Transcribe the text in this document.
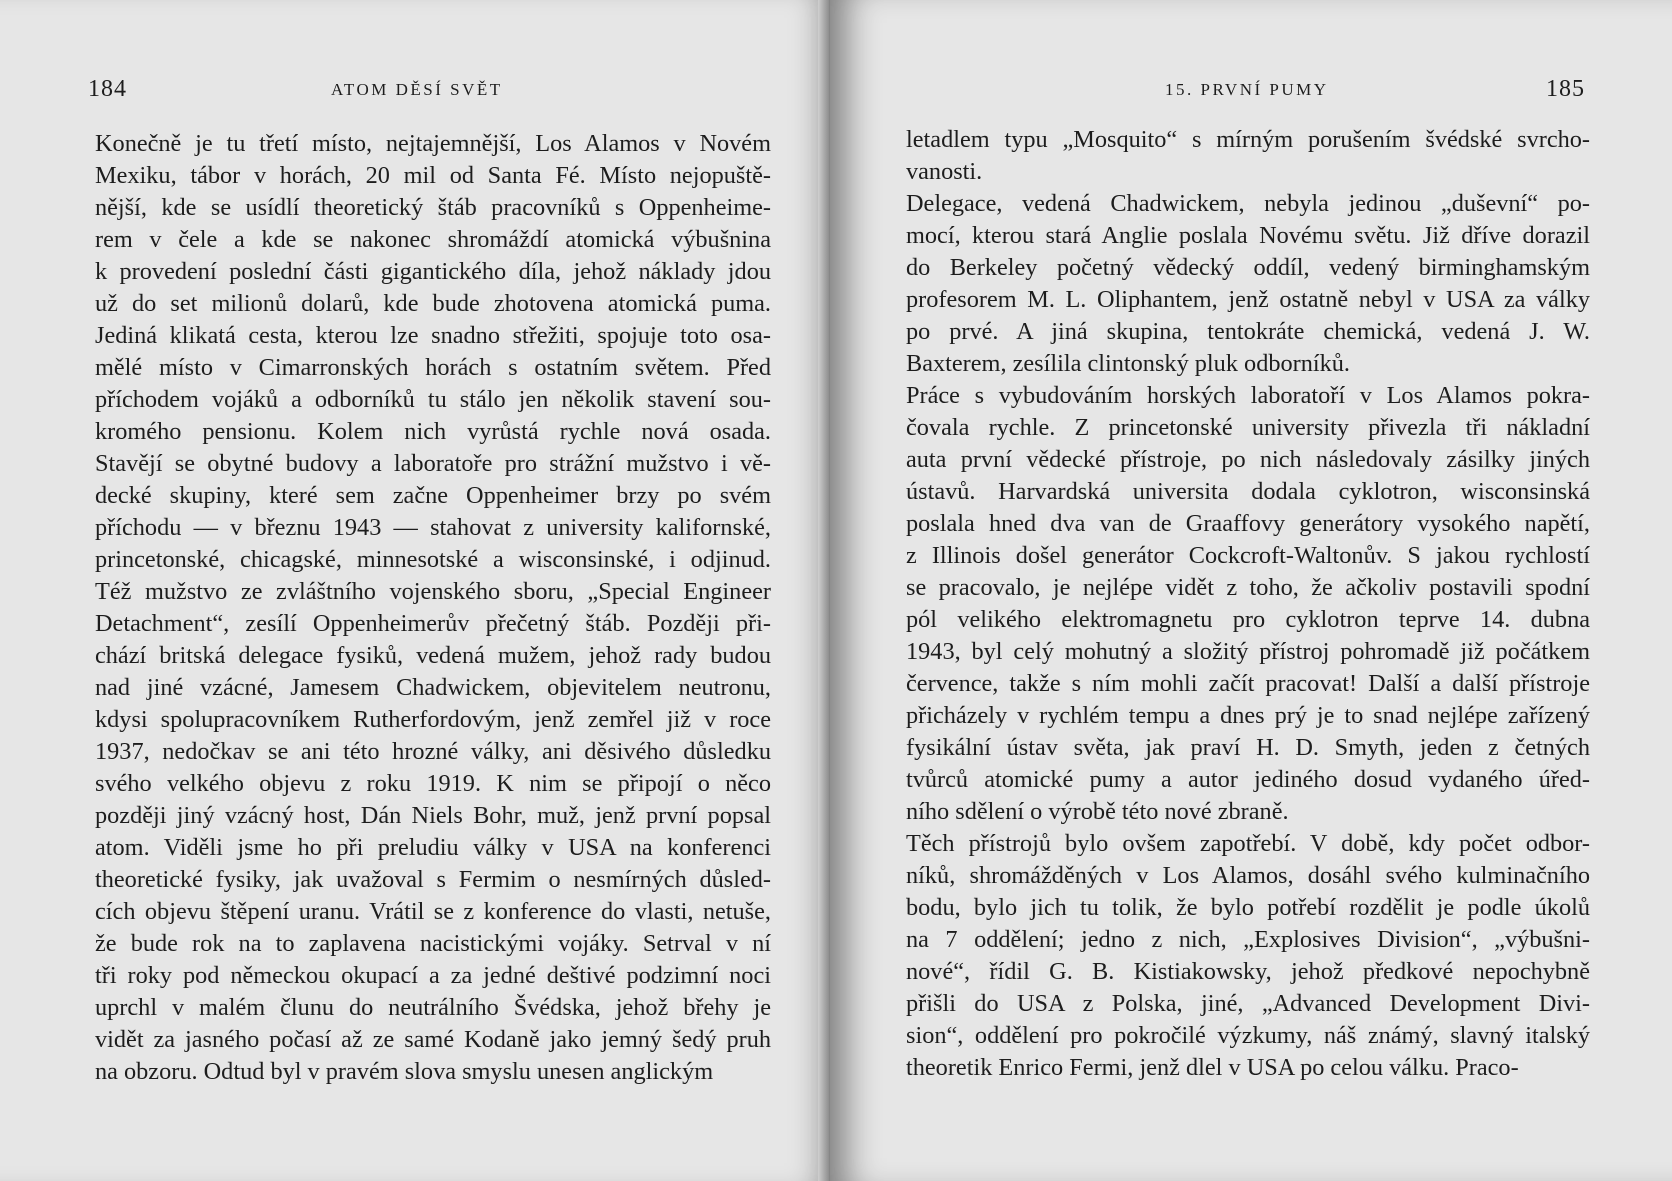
184	ATOM DĚSÍ SVĚT
Konečně je tu třetí místo, nejtajemnější, Los Alamos v Novém
Mexiku, tábor v horách, 20 mil od Santa Fé. Místo nejopuště-
nější, kde se usídlí theoretický štáb pracovníků s Oppenheime-
rem v čele a kde se nakonec shromáždí atomická výbušnina
k provedení poslední části gigantického díla, jehož náklady jdou
už do set milionů dolarů, kde bude zhotovena atomická puma.
Jediná klikatá cesta, kterou lze snadno střežiti, spojuje toto osa-
mělé místo v Cimarronských horách s ostatním světem. Před
příchodem vojáků a odborníků tu stálo jen několik stavení sou-
kromého pensionu. Kolem nich vyrůstá rychle nová osada.
Stavějí se obytné budovy a laboratoře pro strážní mužstvo i vě-
decké skupiny, které sem začne Oppenheimer brzy po svém
příchodu — v březnu 1943 — stahovat z university kalifornské,
princetonské, chicagské, minnesotské a wisconsinské, i odjinud.
Též mužstvo ze zvláštního vojenského sboru, „Special Engineer
Detachment“, zesílí Oppenheimerův přečetný štáb. Později při-
chází britská delegace fysiků, vedená mužem, jehož rady budou
nad jiné vzácné, Jamesem Chadwickem, objevitelem neutronu,
kdysi spolupracovníkem Rutherfordovým, jenž zemřel již v roce
1937, nedočkav se ani této hrozné války, ani děsivého důsledku
svého velkého objevu z roku 1919. K nim se připojí o něco
později jiný vzácný host, Dán Niels Bohr, muž, jenž první popsal
atom. Viděli jsme ho při preludiu války v USA na konferenci
theoretické fysiky, jak uvažoval s Fermim o nesmírných důsled-
cích objevu štěpení uranu. Vrátil se z konference do vlasti, netuše,
že bude rok na to zaplavena nacistickými vojáky. Setrval v ní
tři roky pod německou okupací a za jedné deštivé podzimní noci
uprchl v malém člunu do neutrálního Švédska, jehož břehy je
vidět za jasného počasí až ze samé Kodaně jako jemný šedý pruh
na obzoru. Odtud byl v pravém slova smyslu unesen anglickým
185
15. PRVNÍ PUMY
letadlem typu „Mosquito“ s mírným porušením švédské svrcho-
vanosti.
Delegace, vedená Chadwickem, nebyla jedinou „duševní“ po-
mocí, kterou stará Anglie poslala Novému světu. Již dříve dorazil
do Berkeley početný vědecký oddíl, vedený birminghamským
profesorem M. L. Oliphantem, jenž ostatně nebyl v USA za války
po prvé. A jiná skupina, tentokráte chemická, vedená J. W.
Baxterem, zesílila clintonský pluk odborníků.
Práce s vybudováním horských laboratoří v Los Alamos pokra-
čovala rychle. Z princetonské university přivezla tři nákladní
auta první vědecké přístroje, po nich následovaly zásilky jiných
ústavů. Harvardská universita dodala cyklotron, wisconsinská
poslala hned dva van de Graaffovy generátory vysokého napětí,
z Illinois došel generátor Cockcroft-Waltonův. S jakou rychlostí
se pracovalo, je nejlépe vidět z toho, že ačkoliv postavili spodní
pól velikého elektromagnetu pro cyklotron teprve 14. dubna
1943, byl celý mohutný a složitý přístroj pohromadě již počátkem
července, takže s ním mohli začít pracovat! Další a další přístroje
přicházely v rychlém tempu a dnes prý je to snad nejlépe zařízený
fysikální ústav světa, jak praví H. D. Smyth, jeden z četných
tvůrců atomické pumy a autor jediného dosud vydaného úřed-
ního sdělení o výrobě této nové zbraně.
Těch přístrojů bylo ovšem zapotřebí. V době, kdy počet odbor-
níků, shromážděných v Los Alamos, dosáhl svého kulminačního
bodu, bylo jich tu tolik, že bylo potřebí rozdělit je podle úkolů
na 7 oddělení; jedno z nich, „Explosives Division“, „výbušni-
nové“, řídil G. B. Kistiakowsky, jehož předkové nepochybně
přišli do USA z Polska, jiné, „Advanced Development Divi-
sion“, oddělení pro pokročilé výzkumy, náš známý, slavný italský
theoretik Enrico Fermi, jenž dlel v USA po celou válku. Praco-
